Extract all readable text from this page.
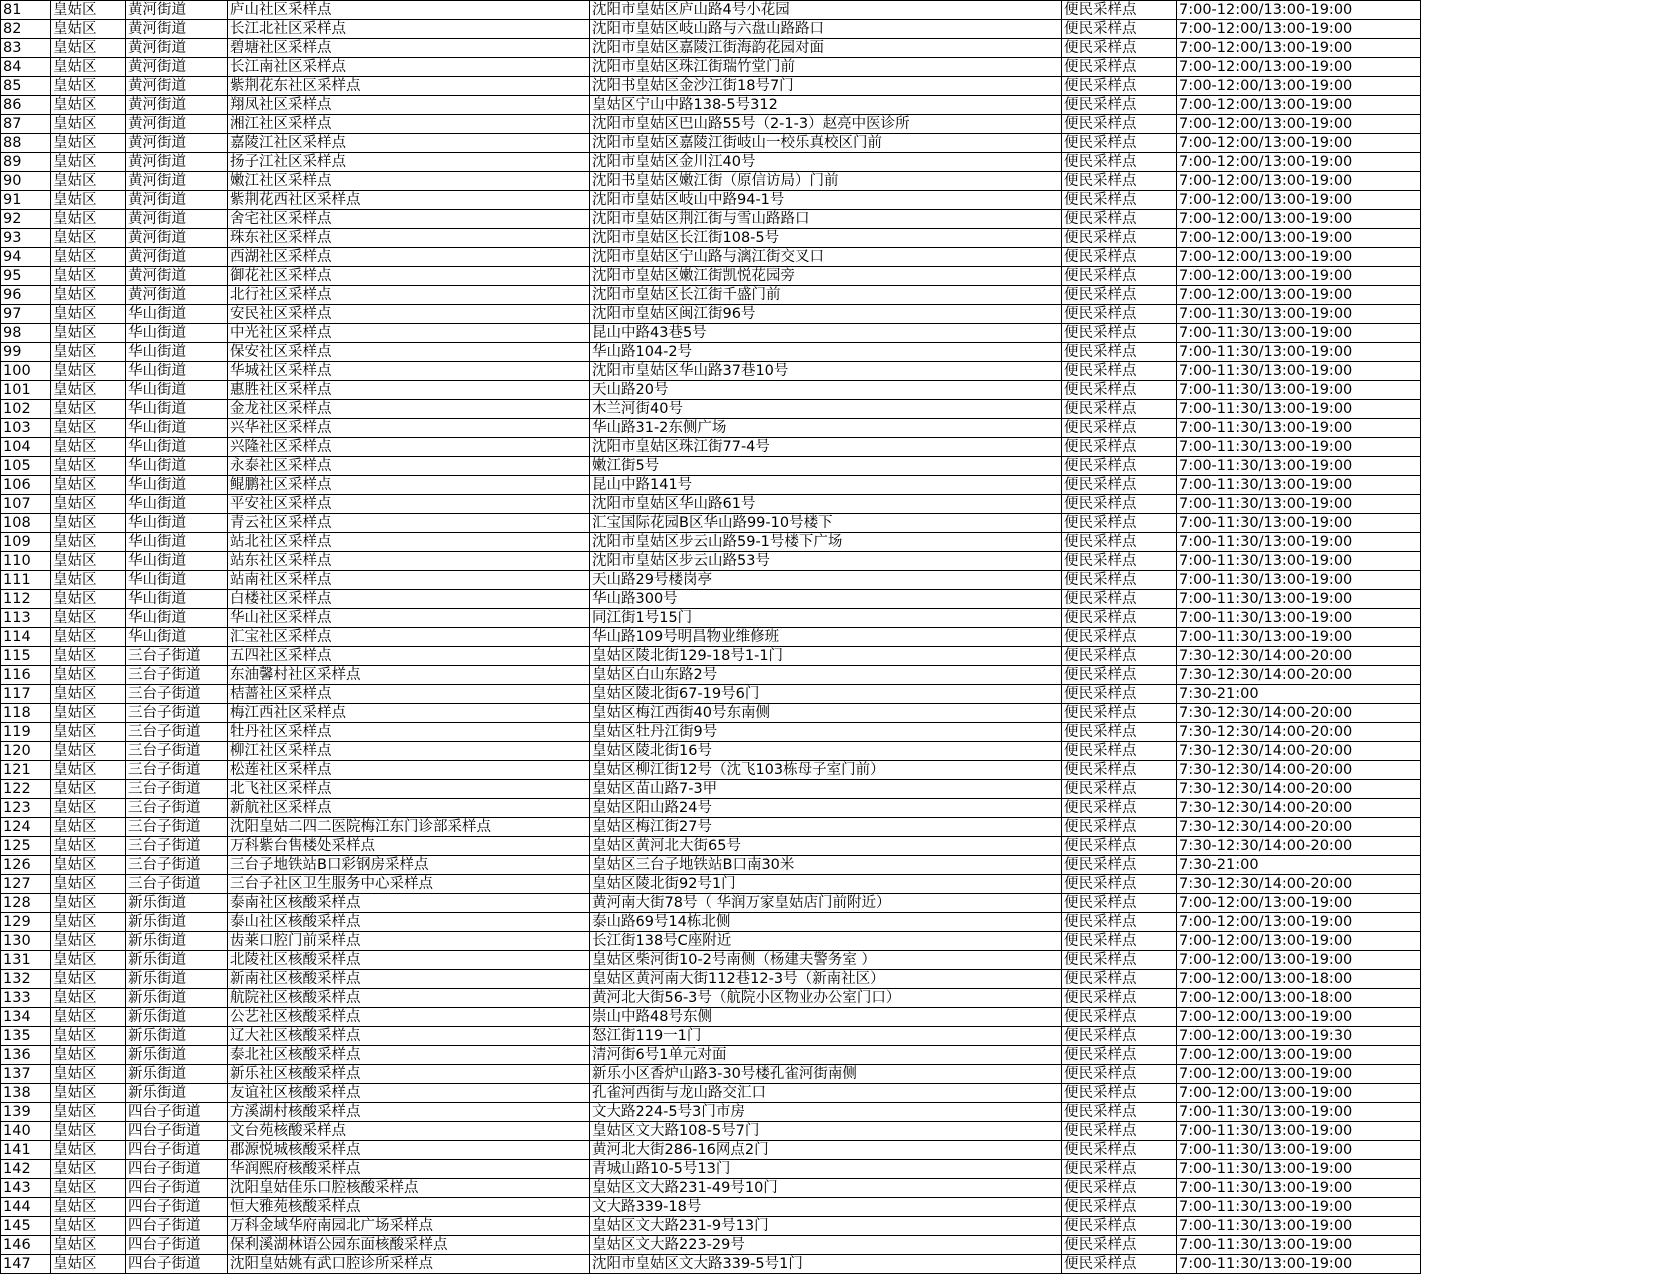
81	皇姑区	黄河街道	庐山社区采样点	沈阳市皇姑区庐山路4号小花园	便民采样点	7:00-12:00/13:00-19:00	
82	皇姑区	黄河街道	长江北社区采样点	沈阳市皇姑区岐山路与六盘山路路口	便民采样点	7:00-12:00/13:00-19:00	
83	皇姑区	黄河街道	碧塘社区采样点	沈阳市皇姑区嘉陵江街海韵花园对面	便民采样点	7:00-12:00/13:00-19:00	
84	皇姑区	黄河街道	长江南社区采样点	沈阳市皇姑区珠江街瑞竹堂门前	便民采样点	7:00-12:00/13:00-19:00	
85	皇姑区	黄河街道	紫荆花东社区采样点	沈阳书皇姑区金沙江街18号7门	便民采样点	7:00-12:00/13:00-19:00	
86	皇姑区	黄河街道	翔凤社区采样点	皇姑区宁山中路138-5号312	便民采样点	7:00-12:00/13:00-19:00	
87	皇姑区	黄河街道	湘江社区采样点	沈阳市皇姑区巴山路55号（2-1-3）赵亮中医诊所	便民采样点	7:00-12:00/13:00-19:00	
88	皇姑区	黄河街道	嘉陵江社区采样点	沈阳市皇姑区嘉陵江街岐山一校乐真校区门前	便民采样点	7:00-12:00/13:00-19:00	
89	皇姑区	黄河街道	扬子江社区采样点	沈阳市皇姑区金川江40号	便民采样点	7:00-12:00/13:00-19:00	
90	皇姑区	黄河街道	嫩江社区采样点	沈阳书皇姑区嫩江街（原信访局）门前	便民采样点	7:00-12:00/13:00-19:00	
91	皇姑区	黄河街道	紫荆花西社区采样点	沈阳市皇姑区岐山中路94-1号	便民采样点	7:00-12:00/13:00-19:00	
92	皇姑区	黄河街道	舍宅社区采样点	沈阳市皇姑区荆江街与雪山路路口	便民采样点	7:00-12:00/13:00-19:00	
93	皇姑区	黄河街道	珠东社区采样点	沈阳市皇姑区长江街108-5号	便民采样点	7:00-12:00/13:00-19:00	
94	皇姑区	黄河街道	西湖社区采样点	沈阳市皇姑区宁山路与漓江街交叉口	便民采样点	7:00-12:00/13:00-19:00	
95	皇姑区	黄河街道	御花社区采样点	沈阳市皇姑区嫩江街凯悦花园旁	便民采样点	7:00-12:00/13:00-19:00	
96	皇姑区	黄河街道	北行社区采样点	沈阳市皇姑区长江街千盛门前	便民采样点	7:00-12:00/13:00-19:00	
97	皇姑区	华山街道	安民社区采样点	沈阳市皇姑区闽江街96号	便民采样点	7:00-11:30/13:00-19:00	
98	皇姑区	华山街道	中光社区采样点	昆山中路43巷5号	便民采样点	7:00-11:30/13:00-19:00	
99	皇姑区	华山街道	保安社区采样点	华山路104-2号	便民采样点	7:00-11:30/13:00-19:00	
100	皇姑区	华山街道	华城社区采样点	沈阳市皇姑区华山路37巷10号	便民采样点	7:00-11:30/13:00-19:00	
101	皇姑区	华山街道	惠胜社区采样点	天山路20号	便民采样点	7:00-11:30/13:00-19:00	
102	皇姑区	华山街道	金龙社区采样点	木兰河街40号	便民采样点	7:00-11:30/13:00-19:00	
103	皇姑区	华山街道	兴华社区采样点	华山路31-2东侧广场	便民采样点	7:00-11:30/13:00-19:00	
104	皇姑区	华山街道	兴隆社区采样点	沈阳市皇姑区珠江街77-4号	便民采样点	7:00-11:30/13:00-19:00	
105	皇姑区	华山街道	永泰社区采样点	嫩江街5号	便民采样点	7:00-11:30/13:00-19:00	
106	皇姑区	华山街道	鲲鹏社区采样点	昆山中路141号	便民采样点	7:00-11:30/13:00-19:00	
107	皇姑区	华山街道	平安社区采样点	沈阳市皇姑区华山路61号	便民采样点	7:00-11:30/13:00-19:00	
108	皇姑区	华山街道	青云社区采样点	汇宝国际花园B区华山路99-10号楼下	便民采样点	7:00-11:30/13:00-19:00	
109	皇姑区	华山街道	站北社区采样点	沈阳市皇姑区步云山路59-1号楼下广场	便民采样点	7:00-11:30/13:00-19:00	
110	皇姑区	华山街道	站东社区采样点	沈阳市皇姑区步云山路53号	便民采样点	7:00-11:30/13:00-19:00	
111	皇姑区	华山街道	站南社区采样点	天山路29号楼岗亭	便民采样点	7:00-11:30/13:00-19:00	
112	皇姑区	华山街道	白楼社区采样点	华山路300号	便民采样点	7:00-11:30/13:00-19:00	
113	皇姑区	华山街道	华山社区采样点	同江街1号15门	便民采样点	7:00-11:30/13:00-19:00	
114	皇姑区	华山街道	汇宝社区采样点	华山路109号明昌物业维修班	便民采样点	7:00-11:30/13:00-19:00	
115	皇姑区	三台子街道	五四社区采样点	皇姑区陵北街129-18号1-1门	便民采样点	7:30-12:30/14:00-20:00	
116	皇姑区	三台子街道	东油馨村社区采样点	皇姑区白山东路2号	便民采样点	7:30-12:30/14:00-20:00	
117	皇姑区	三台子街道	桔蔷社区采样点	皇姑区陵北街67-19号6门	便民采样点	7:30-21:00	
118	皇姑区	三台子街道	梅江西社区采样点	皇姑区梅江西街40号东南侧	便民采样点	7:30-12:30/14:00-20:00	
119	皇姑区	三台子街道	牡丹社区采样点	皇姑区牡丹江街9号	便民采样点	7:30-12:30/14:00-20:00	
120	皇姑区	三台子街道	柳江社区采样点	皇姑区陵北街16号	便民采样点	7:30-12:30/14:00-20:00	
121	皇姑区	三台子街道	松莲社区采样点	皇姑区柳江街12号（沈飞103栋母子室门前）	便民采样点	7:30-12:30/14:00-20:00	
122	皇姑区	三台子街道	北飞社区采样点	皇姑区苗山路7-3甲	便民采样点	7:30-12:30/14:00-20:00	
123	皇姑区	三台子街道	新航社区采样点	皇姑区阳山路24号	便民采样点	7:30-12:30/14:00-20:00	
124	皇姑区	三台子街道	沈阳皇姑二四二医院梅江东门诊部采样点	皇姑区梅江街27号	便民采样点	7:30-12:30/14:00-20:00	
125	皇姑区	三台子街道	万科紫台售楼处采样点	皇姑区黄河北大街65号	便民采样点	7:30-12:30/14:00-20:00	
126	皇姑区	三台子街道	三台子地铁站B口彩钢房采样点	皇姑区三台子地铁站B口南30米	便民采样点	7:30-21:00	
127	皇姑区	三台子街道	三台子社区卫生服务中心采样点	皇姑区陵北街92号1门	便民采样点	7:30-12:30/14:00-20:00	
128	皇姑区	新乐街道	泰南社区核酸采样点	黄河南大街78号（ 华润万家皇姑店门前附近）	便民采样点	7:00-12:00/13:00-19:00	
129	皇姑区	新乐街道	泰山社区核酸采样点	泰山路69号14栋北侧	便民采样点	7:00-12:00/13:00-19:00	
130	皇姑区	新乐街道	齿莱口腔门前采样点	长江街138号C座附近	便民采样点	7:00-12:00/13:00-19:00	
131	皇姑区	新乐街道	北陵社区核酸采样点	皇姑区柴河街10-2号南侧（杨建夫警务室 ）	便民采样点	7:00-12:00/13:00-19:00	
132	皇姑区	新乐街道	新南社区核酸采样点	皇姑区黄河南大街112巷12-3号（新南社区）	便民采样点	7:00-12:00/13:00-18:00	
133	皇姑区	新乐街道	航院社区核酸采样点	黄河北大街56-3号（航院小区物业办公室门口）	便民采样点	7:00-12:00/13:00-18:00	
134	皇姑区	新乐街道	公艺社区核酸采样点	崇山中路48号东侧	便民采样点	7:00-12:00/13:00-19:00	
135	皇姑区	新乐街道	辽大社区核酸采样点	怒江街119一1门	便民采样点	7:00-12:00/13:00-19:30	
136	皇姑区	新乐街道	泰北社区核酸采样点	清河街6号1单元对面	便民采样点	7:00-12:00/13:00-19:00	
137	皇姑区	新乐街道	新乐社区核酸采样点	新乐小区香炉山路3-30号楼孔雀河街南侧	便民采样点	7:00-12:00/13:00-19:00	
138	皇姑区	新乐街道	友谊社区核酸采样点	孔雀河西街与龙山路交汇口	便民采样点	7:00-12:00/13:00-19:00	
139	皇姑区	四台子街道	方溪湖村核酸采样点	文大路224-5号3门市房	便民采样点	7:00-11:30/13:00-19:00	
140	皇姑区	四台子街道	文台苑核酸采样点	皇姑区文大路108-5号7门	便民采样点	7:00-11:30/13:00-19:00	
141	皇姑区	四台子街道	郡源悦城核酸采样点	黄河北大街286-16网点2门	便民采样点	7:00-11:30/13:00-19:00	
142	皇姑区	四台子街道	华润熙府核酸采样点	青城山路10-5号13门	便民采样点	7:00-11:30/13:00-19:00	
143	皇姑区	四台子街道	沈阳皇姑佳乐口腔核酸采样点	皇姑区文大路231-49号10门	便民采样点	7:00-11:30/13:00-19:00	
144	皇姑区	四台子街道	恒大雅苑核酸采样点	文大路339-18号	便民采样点	7:00-11:30/13:00-19:00	
145	皇姑区	四台子街道	万科金域华府南园北广场采样点	皇姑区文大路231-9号13门	便民采样点	7:00-11:30/13:00-19:00	
146	皇姑区	四台子街道	保利溪湖林语公园东面核酸采样点	皇姑区文大路223-29号	便民采样点	7:00-11:30/13:00-19:00	
147	皇姑区	四台子街道	沈阳皇姑姚有武口腔诊所采样点	沈阳市皇姑区文大路339-5号1门	便民采样点	7:00-11:30/13:00-19:00	
